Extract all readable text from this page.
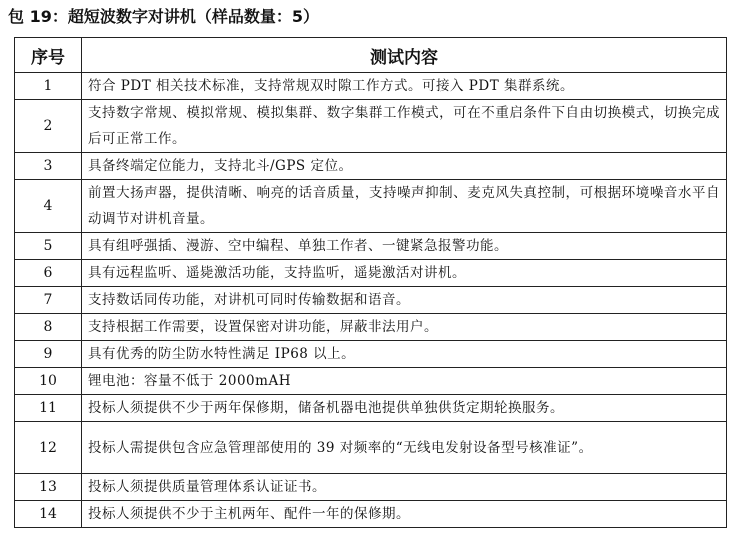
包 19：超短波数字对讲机（样品数量：5）
序号	测试内容
1	符合 PDT 相关技术标准，支持常规双时隙工作方式。可接入 PDT 集群系统。
2	支持数字常规、模拟常规、模拟集群、数字集群工作模式，可在不重启条件下自由切换模式，切换完成后可正常工作。
3	具备终端定位能力，支持北斗/GPS 定位。
4	前置大扬声器，提供清晰、响亮的话音质量，支持噪声抑制、麦克风失真控制，可根据环境噪音水平自动调节对讲机音量。
5	具有组呼强插、漫游、空中编程、单独工作者、一键紧急报警功能。
6	具有远程监听、遥毙激活功能，支持监听，遥毙激活对讲机。
7	支持数话同传功能，对讲机可同时传输数据和语音。
8	支持根据工作需要，设置保密对讲功能，屏蔽非法用户。
9	具有优秀的防尘防水特性满足 IP68 以上。
10	锂电池：容量不低于 2000mAH
11	投标人须提供不少于两年保修期，储备机器电池提供单独供货定期轮换服务。
12	投标人需提供包含应急管理部使用的 39 对频率的“无线电发射设备型号核准证”。
13	投标人须提供质量管理体系认证证书。
14	投标人须提供不少于主机两年、配件一年的保修期。
